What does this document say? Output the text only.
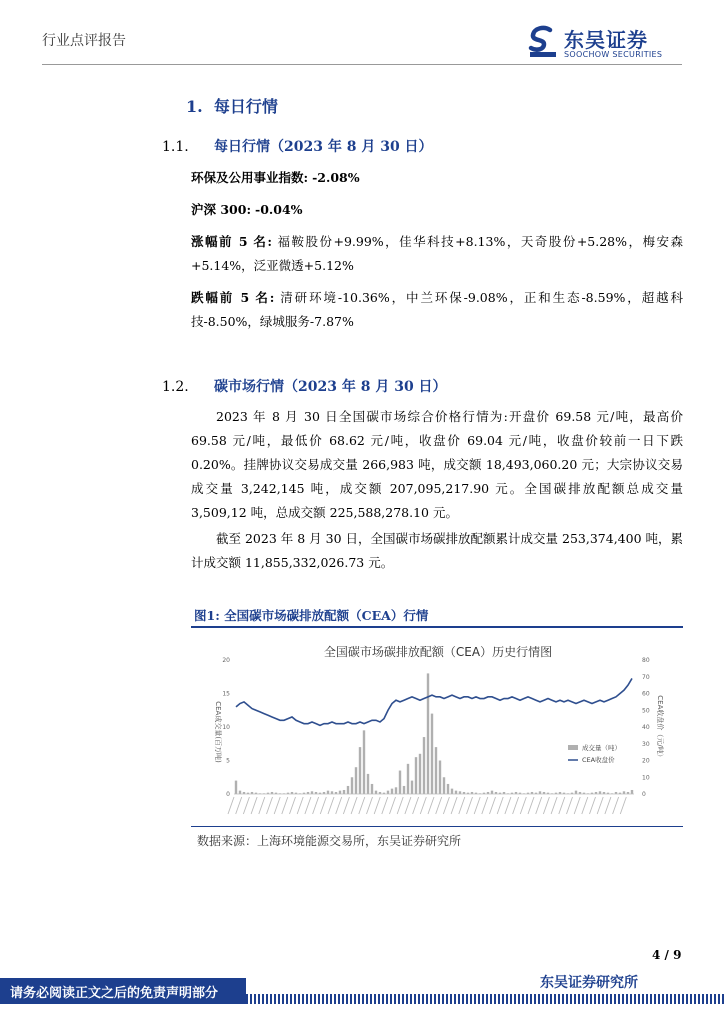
行业点评报告	东吴证券
SOOCHOW SECURITIES
1. 每日行情
1.1. 每日行情（2023 年 8 月 30 日）
环保及公用事业指数: -2.08%
沪深 300: -0.04%
涨幅前 5 名: 福鞍股份+9.99%，佳华科技+8.13%，天奇股份+5.28%，梅安森+5.14%，泛亚微透+5.12%
跌幅前 5 名: 清研环境-10.36%，中兰环保-9.08%，正和生态-8.59%，超越科技-8.50%，绿城服务-7.87%
1.2. 碳市场行情（2023 年 8 月 30 日）
2023 年 8 月 30 日全国碳市场综合价格行情为:开盘价 69.58 元/吨，最高价 69.58 元/吨，最低价 68.62 元/吨，收盘价 69.04 元/吨，收盘价较前一日下跌 0.20%。挂牌协议交易成交量 266,983 吨，成交额 18,493,060.20 元；大宗协议交易成交量 3,242,145 吨，成交额 207,095,217.90 元。全国碳排放配额总成交量 3,509,12 吨，总成交额 225,588,278.10 元。
截至 2023 年 8 月 30 日，全国碳市场碳排放配额累计成交量 253,374,400 吨，累计成交额 11,855,332,026.73 元。
图1: 全国碳市场碳排放配额（CEA）行情
全国碳市场碳排放配额（CEA）历史行情图
CEA成交量(百万吨)	CEA收盘价（元/吨）
0
5
10
15
20
0
10
20
30
40
50
60
70
80
成交量（吨）
CEA收盘价
数据来源：上海环境能源交易所，东吴证券研究所
4 / 9
东吴证券研究所
请务必阅读正文之后的免责声明部分
